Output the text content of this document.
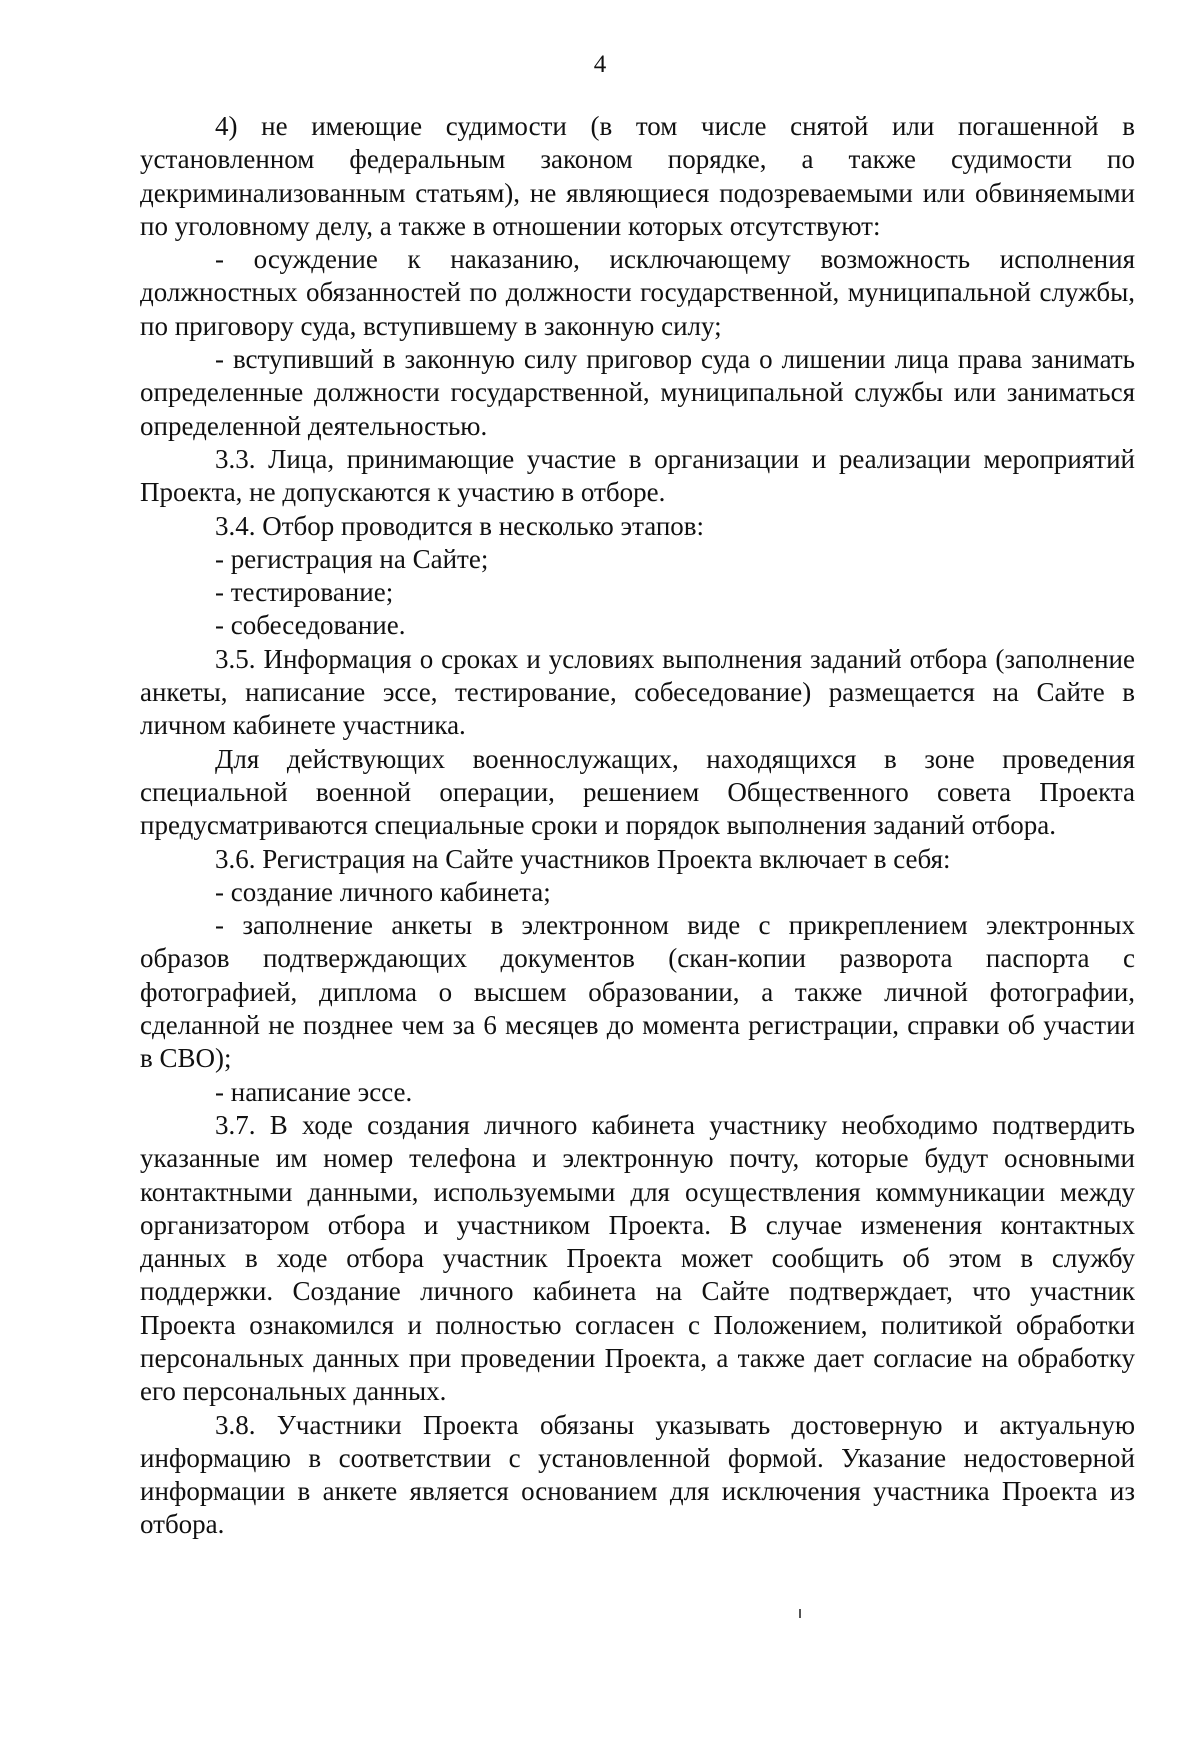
4

4) не имеющие судимости (в том числе снятой или погашенной в установленном федеральным законом порядке, а также судимости по декриминализованным статьям), не являющиеся подозреваемыми или обвиняемыми по уголовному делу, а также в отношении которых отсутствуют:

- осуждение к наказанию, исключающему возможность исполнения должностных обязанностей по должности государственной, муниципальной службы, по приговору суда, вступившему в законную силу;

- вступивший в законную силу приговор суда о лишении лица права занимать определенные должности государственной, муниципальной службы или заниматься определенной деятельностью.

3.3. Лица, принимающие участие в организации и реализации мероприятий Проекта, не допускаются к участию в отборе.

3.4. Отбор проводится в несколько этапов:

- регистрация на Сайте;

- тестирование;

- собеседование.

3.5. Информация о сроках и условиях выполнения заданий отбора (заполнение анкеты, написание эссе, тестирование, собеседование) размещается на Сайте в личном кабинете участника.

Для действующих военнослужащих, находящихся в зоне проведения специальной военной операции, решением Общественного совета Проекта предусматриваются специальные сроки и порядок выполнения заданий отбора.

3.6. Регистрация на Сайте участников Проекта включает в себя:

- создание личного кабинета;

- заполнение анкеты в электронном виде с прикреплением электронных образов подтверждающих документов (скан-копии разворота паспорта с фотографией, диплома о высшем образовании, а также личной фотографии, сделанной не позднее чем за 6 месяцев до момента регистрации, справки об участии в СВО);

- написание эссе.

3.7. В ходе создания личного кабинета участнику необходимо подтвердить указанные им номер телефона и электронную почту, которые будут основными контактными данными, используемыми для осуществления коммуникации между организатором отбора и участником Проекта. В случае изменения контактных данных в ходе отбора участник Проекта может сообщить об этом в службу поддержки. Создание личного кабинета на Сайте подтверждает, что участник Проекта ознакомился и полностью согласен с Положением, политикой обработки персональных данных при проведении Проекта, а также дает согласие на обработку его персональных данных.

3.8. Участники Проекта обязаны указывать достоверную и актуальную информацию в соответствии с установленной формой. Указание недостоверной информации в анкете является основанием для исключения участника Проекта из отбора.
